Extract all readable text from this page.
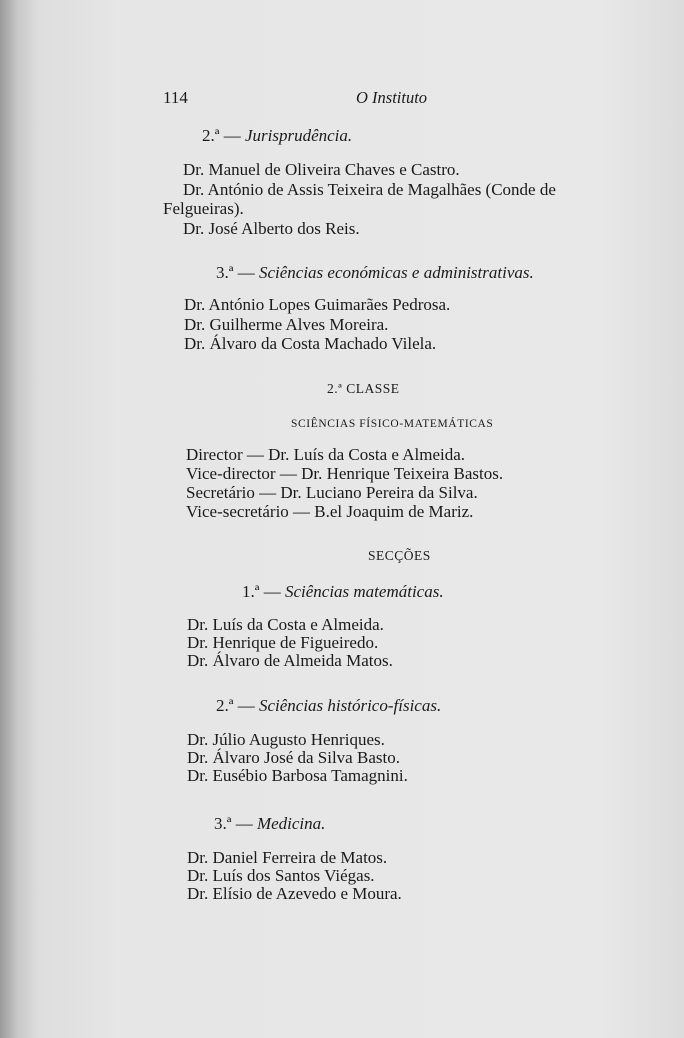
114	O Instituto
2.ª — Jurisprudência.
Dr. Manuel de Oliveira Chaves e Castro.
Dr. António de Assis Teixeira de Magalhães (Conde de
Felgueiras).
Dr. José Alberto dos Reis.
3.ª — Sciências económicas e administrativas.
Dr. António Lopes Guimarães Pedrosa.
Dr. Guilherme Alves Moreira.
Dr. Álvaro da Costa Machado Vilela.
2.ª CLASSE
SCIÊNCIAS FÍSICO-MATEMÁTICAS
Director — Dr. Luís da Costa e Almeida.
Vice-director — Dr. Henrique Teixeira Bastos.
Secretário — Dr. Luciano Pereira da Silva.
Vice-secretário — B.el Joaquim de Mariz.
SECÇÕES
1.ª — Sciências matemáticas.
Dr. Luís da Costa e Almeida.
Dr. Henrique de Figueiredo.
Dr. Álvaro de Almeida Matos.
2.ª — Sciências histórico-físicas.
Dr. Júlio Augusto Henriques.
Dr. Álvaro José da Silva Basto.
Dr. Eusébio Barbosa Tamagnini.
3.ª — Medicina.
Dr. Daniel Ferreira de Matos.
Dr. Luís dos Santos Viégas.
Dr. Elísio de Azevedo e Moura.
